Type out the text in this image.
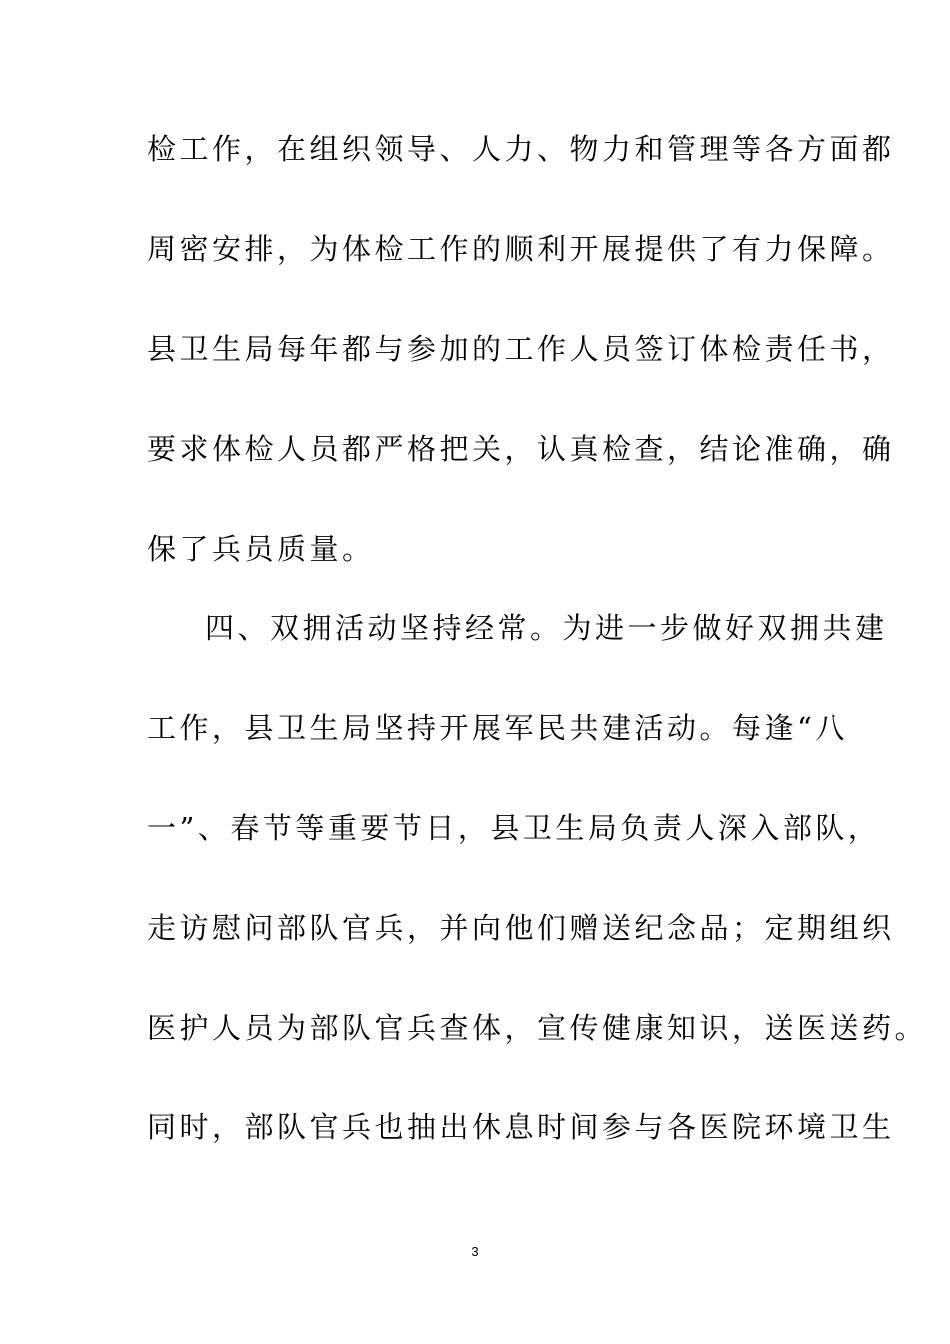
检工作，在组织领导、人力、物力和管理等各方面都
周密安排，为体检工作的顺利开展提供了有力保障。
县卫生局每年都与参加的工作人员签订体检责任书，
要求体检人员都严格把关，认真检查，结论准确，确
保了兵员质量。
四、双拥活动坚持经常。为进一步做好双拥共建
工作，县卫生局坚持开展军民共建活动。每逢“八
一”、春节等重要节日，县卫生局负责人深入部队，
走访慰问部队官兵，并向他们赠送纪念品；定期组织
医护人员为部队官兵查体，宣传健康知识，送医送药。
同时，部队官兵也抽出休息时间参与各医院环境卫生
3
